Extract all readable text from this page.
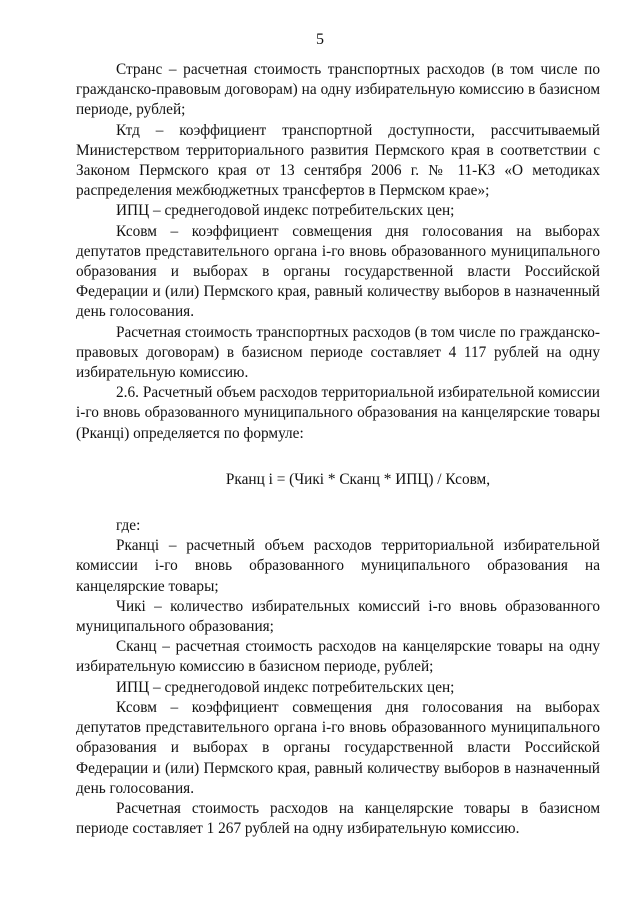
5

Странс – расчетная стоимость транспортных расходов (в том числе по гражданско-правовым договорам) на одну избирательную комиссию в базисном периоде, рублей;

Ктд – коэффициент транспортной доступности, рассчитываемый Министерством территориального развития Пермского края в соответствии с Законом Пермского края от 13 сентября 2006 г. № 11-КЗ «О методиках распределения межбюджетных трансфертов в Пермском крае»;

ИПЦ – среднегодовой индекс потребительских цен;

Ксовм – коэффициент совмещения дня голосования на выборах депутатов представительного органа i-го вновь образованного муниципального образования и выборах в органы государственной власти Российской Федерации и (или) Пермского края, равный количеству выборов в назначенный день голосования.

Расчетная стоимость транспортных расходов (в том числе по гражданско-правовых договорам) в базисном периоде составляет 4 117 рублей на одну избирательную комиссию.

2.6. Расчетный объем расходов территориальной избирательной комиссии i-го вновь образованного муниципального образования на канцелярские товары (Рканцi) определяется по формуле:

Рканц i = (Чикi * Сканц * ИПЦ) / Ксовм,

где:

Рканцi – расчетный объем расходов территориальной избирательной комиссии i-го вновь образованного муниципального образования на канцелярские товары;

Чикi – количество избирательных комиссий i-го вновь образованного муниципального образования;

Сканц – расчетная стоимость расходов на канцелярские товары на одну избирательную комиссию в базисном периоде, рублей;

ИПЦ – среднегодовой индекс потребительских цен;

Ксовм – коэффициент совмещения дня голосования на выборах депутатов представительного органа i-го вновь образованного муниципального образования и выборах в органы государственной власти Российской Федерации и (или) Пермского края, равный количеству выборов в назначенный день голосования.

Расчетная стоимость расходов на канцелярские товары в базисном периоде составляет 1 267 рублей на одну избирательную комиссию.
